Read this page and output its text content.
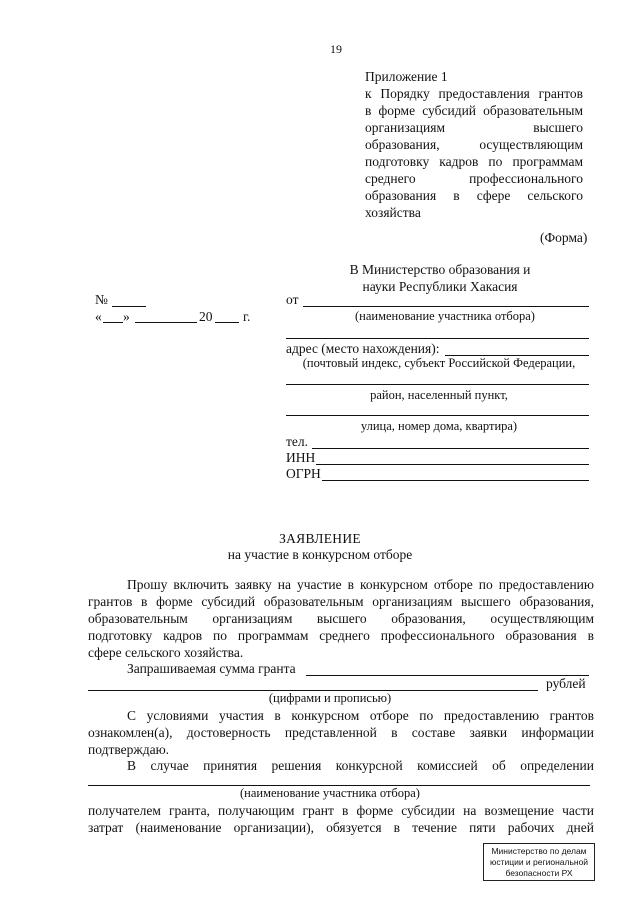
19
Приложение 1
к Порядку предоставления грантов
в форме субсидий образовательным
организациям высшего
образования, осуществляющим
подготовку кадров по программам
среднего профессионального
образования в сфере сельского
хозяйства
(Форма)
В Министерство образования и
науки Республики Хакасия
№
« »	20 г.
от
(наименование участника отбора)
адрес (место нахождения):
(почтовый индекс, субъект Российской Федерации,
район, населенный пункт,
улица, номер дома, квартира)
тел.
ИНН
ОГРН
ЗАЯВЛЕНИЕ
на участие в конкурсном отборе
Прошу включить заявку на участие в конкурсном отборе по предоставлению
грантов в форме субсидий образовательным организациям высшего образования,
образовательным организациям высшего образования, осуществляющим
подготовку кадров по программам среднего профессионального образования в
сфере сельского хозяйства.
Запрашиваемая сумма гранта
рублей
(цифрами и прописью)
С условиями участия в конкурсном отборе по предоставлению грантов
ознакомлен(а), достоверность представленной в составе заявки информации
подтверждаю.
В случае принятия решения конкурсной комиссией об определении
(наименование участника отбора)
получателем гранта, получающим грант в форме субсидии на возмещение части
затрат (наименование организации), обязуется в течение пяти рабочих дней
Министерство по делам
юстиции и региональной
безопасности РХ
